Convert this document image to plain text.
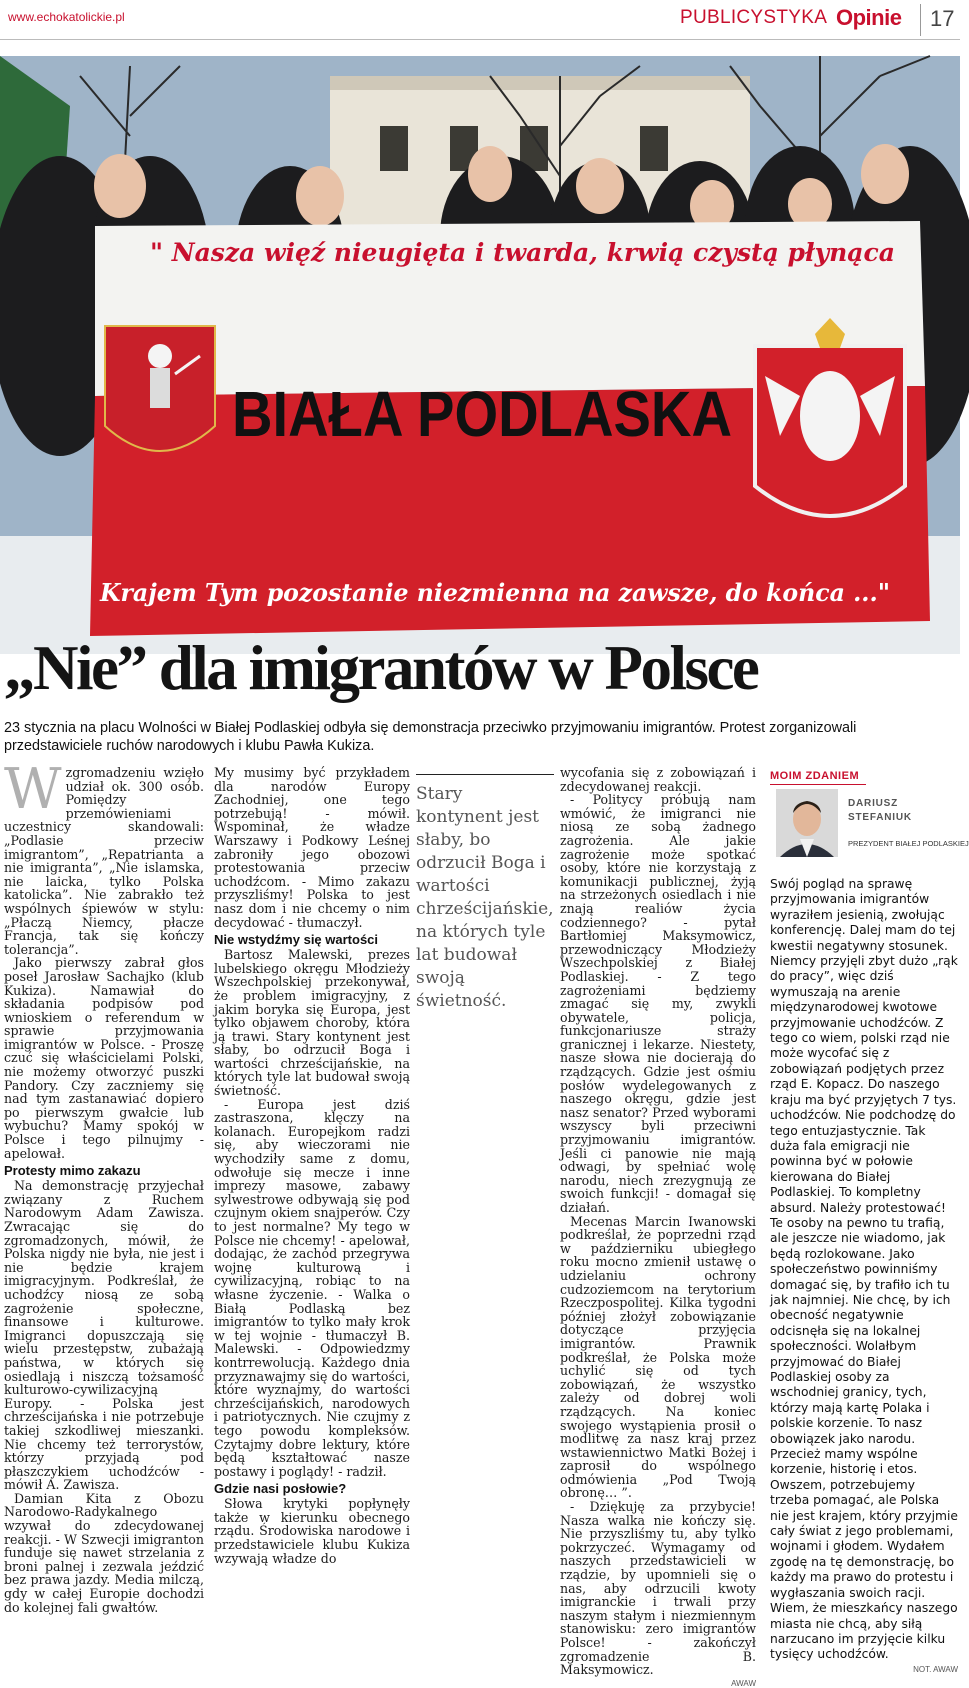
www.echokatolickie.pl	PUBLICYSTYKA Opinie 17
" Nasza więź nieugięta i twarda, krwią czystą płynąca
BIAŁA PODLASKA
Krajem Tym pozostanie niezmienna na zawsze, do końca ..."
„Nie” dla imigrantów w Polsce

23 stycznia na placu Wolności w Białej Podlaskiej odbyła się demonstracja przeciwko przyjmowaniu imigrantów. Protest zorganizowali przedstawiciele ruchów narodowych i klubu Pawła Kukiza.

Wzgromadzeniu wzięło udział ok. 300 osób. Pomiędzy przemówieniami uczestnicy skandowali: „Podlasie przeciw imigrantom”, „Repatrianta a nie imigranta”, „Nie islamska, nie laicka, tylko Polska katolicka”. Nie zabrakło też wspólnych śpiewów w stylu: „Płaczą Niemcy, płacze Francja, tak się kończy tolerancja”.

Jako pierwszy zabrał głos poseł Jarosław Sachajko (klub Kukiza). Namawiał do składania podpisów pod wnioskiem o referendum w sprawie przyjmowania imigrantów w Polsce. - Proszę czuć się właścicielami Polski, nie możemy otworzyć puszki Pandory. Czy zaczniemy się nad tym zastanawiać dopiero po pierwszym gwałcie lub wybuchu? Mamy spokój w Polsce i tego pilnujmy - apelował.

Protesty mimo zakazu

Na demonstrację przyjechał związany z Ruchem Narodowym Adam Zawisza. Zwracając się do zgromadzonych, mówił, że Polska nigdy nie była, nie jest i nie będzie krajem imigracyjnym. Podkreślał, że uchodźcy niosą ze sobą zagrożenie społeczne, finansowe i kulturowe. Imigranci dopuszczają się wielu przestępstw, zubażają państwa, w których się osiedlają i niszczą tożsamość kulturowo-cywilizacyjną Europy. - Polska jest chrześcijańska i nie potrzebuje takiej szkodliwej mieszanki. Nie chcemy też terrorystów, którzy przyjadą pod płaszczykiem uchodźców - mówił A. Zawisza.

Damian Kita z Obozu Narodowo-Radykalnego wzywał do zdecydowanej reakcji. - W Szwecji imigranton funduje się nawet strzelania z broni palnej i zezwala jeździć bez prawa jazdy. Media milczą, gdy w całej Europie dochodzi do kolejnej fali gwałtów.

My musimy być przykładem dla narodów Europy Zachodniej, one tego potrzebują! - mówił. Wspominał, że władze Warszawy i Podkowy Leśnej zabroniły jego obozowi protestowania przeciw uchodźcom. - Mimo zakazu przyszliśmy! Polska to jest nasz dom i nie chcemy o nim decydować - tłumaczył.

Nie wstydźmy się wartości

Bartosz Malewski, prezes lubelskiego okręgu Młodzieży Wszechpolskiej przekonywał, że problem imigracyjny, z jakim boryka się Europa, jest tylko objawem choroby, która ją trawi. Stary kontynent jest słaby, bo odrzucił Boga i wartości chrześcijańskie, na których tyle lat budował swoją świetność.

- Europa jest dziś zastraszona, klęczy na kolanach. Europejkom radzi się, aby wieczorami nie wychodziły same z domu, odwołuje się mecze i inne imprezy masowe, zabawy sylwestrowe odbywają się pod czujnym okiem snajperów. Czy to jest normalne? My tego w Polsce nie chcemy! - apelował, dodając, że zachód przegrywa wojnę kulturową i cywilizacyjną, robiąc to na własne życzenie. - Walka o Białą Podlaską bez imigrantów to tylko mały krok w tej wojnie - tłumaczył B. Malewski. - Odpowiedzmy kontrrewolucją. Każdego dnia przyznawajmy się do wartości, które wyznajmy, do wartości chrześcijańskich, narodowych i patriotycznych. Nie czujmy z tego powodu kompleksów. Czytajmy dobre lektury, które będą kształtować nasze postawy i poglądy! - radził.

Gdzie nasi posłowie?

Słowa krytyki popłynęły także w kierunku obecnego rządu. Środowiska narodowe i przedstawiciele klubu Kukiza wzywają władze do

Stary kontynent jest słaby, bo odrzucił Boga i wartości chrześcijańskie, na których tyle lat budował swoją świetność.

wycofania się z zobowiązań i zdecydowanej reakcji.

- Politycy próbują nam wmówić, że imigranci nie niosą ze sobą żadnego zagrożenia. Ale jakie zagrożenie może spotkać osoby, które nie korzystają z komunikacji publicznej, żyją na strzeżonych osiedlach i nie znają realiów życia codziennego? - pytał Bartłomiej Maksymowicz, przewodniczący Młodzieży Wszechpolskiej z Białej Podlaskiej. - Z tego zagrożeniami będziemy zmagać się my, zwykli obywatele, policja, funkcjonariusze straży granicznej i lekarze. Niestety, nasze słowa nie docierają do rządzących. Gdzie jest ośmiu posłów wydelegowanych z naszego okręgu, gdzie jest nasz senator? Przed wyborami wszyscy byli przeciwni przyjmowaniu imigrantów. Jeśli ci panowie nie mają odwagi, by spełniać wolę narodu, niech zrezygnują ze swoich funkcji! - domagał się działań.

Mecenas Marcin Iwanowski podkreślał, że poprzedni rząd w październiku ubiegłego roku mocno zmienił ustawę o udzielaniu ochrony cudzoziemcom na terytorium Rzeczpospolitej. Kilka tygodni później złożył zobowiązanie dotyczące przyjęcia imigrantów. Prawnik podkreślał, że Polska może uchylić się od tych zobowiązań, że wszystko zależy od dobrej woli rządzących. Na koniec swojego wystąpienia prosił o modlitwę za nasz kraj przez wstawiennictwo Matki Bożej i zaprosił do wspólnego odmówienia „Pod Twoją obronę… ”.

- Dziękuję za przybycie! Nasza walka nie kończy się. Nie przyszliśmy tu, aby tylko pokrzyczeć. Wymagamy od naszych przedstawicieli w rządzie, by upomnieli się o nas, aby odrzucili kwoty imigranckie i trwali przy naszym stałym i niezmiennym stanowisku: zero imigrantów Polsce! - zakończył zgromadzenie B. Maksymowicz.

AWAW
MOIM ZDANIEM
DARIUSZ
STEFANIUK
PREZYDENT BIAŁEJ PODLASKIEJ

Swój pogląd na sprawę przyjmowania imigrantów wyraziłem jesienią, zwołując konferencję. Dalej mam do tej kwestii negatywny stosunek. Niemcy przyjęli zbyt dużo „rąk do pracy”, więc dziś wymuszają na arenie międzynarodowej kwotowe przyjmowanie uchodźców. Z tego co wiem, polski rząd nie może wycofać się z zobowiązań podjętych przez rząd E. Kopacz. Do naszego kraju ma być przyjętych 7 tys. uchodźców. Nie podchodzę do tego entuzjastycznie. Tak duża fala emigracji nie powinna być w połowie kierowana do Białej Podlaskiej. To kompletny absurd. Należy protestować! Te osoby na pewno tu trafią, ale jeszcze nie wiadomo, jak będą rozlokowane. Jako społeczeństwo powinniśmy domagać się, by trafiło ich tu jak najmniej. Nie chcę, by ich obecność negatywnie odcisnęła się na lokalnej społeczności. Wolałbym przyjmować do Białej Podlaskiej osoby za wschodniej granicy, tych, którzy mają kartę Polaka i polskie korzenie. To nasz obowiązek jako narodu. Przecież mamy wspólne korzenie, historię i etos. Owszem, potrzebujemy trzeba pomagać, ale Polska nie jest krajem, który przyjmie cały świat z jego problemami, wojnami i głodem. Wydałem zgodę na tę demonstrację, bo każdy ma prawo do protestu i wygłaszania swoich racji. Wiem, że mieszkańcy naszego miasta nie chcą, aby siłą narzucano im przyjęcie kilku tysięcy uchodźców.

NOT. AWAW
